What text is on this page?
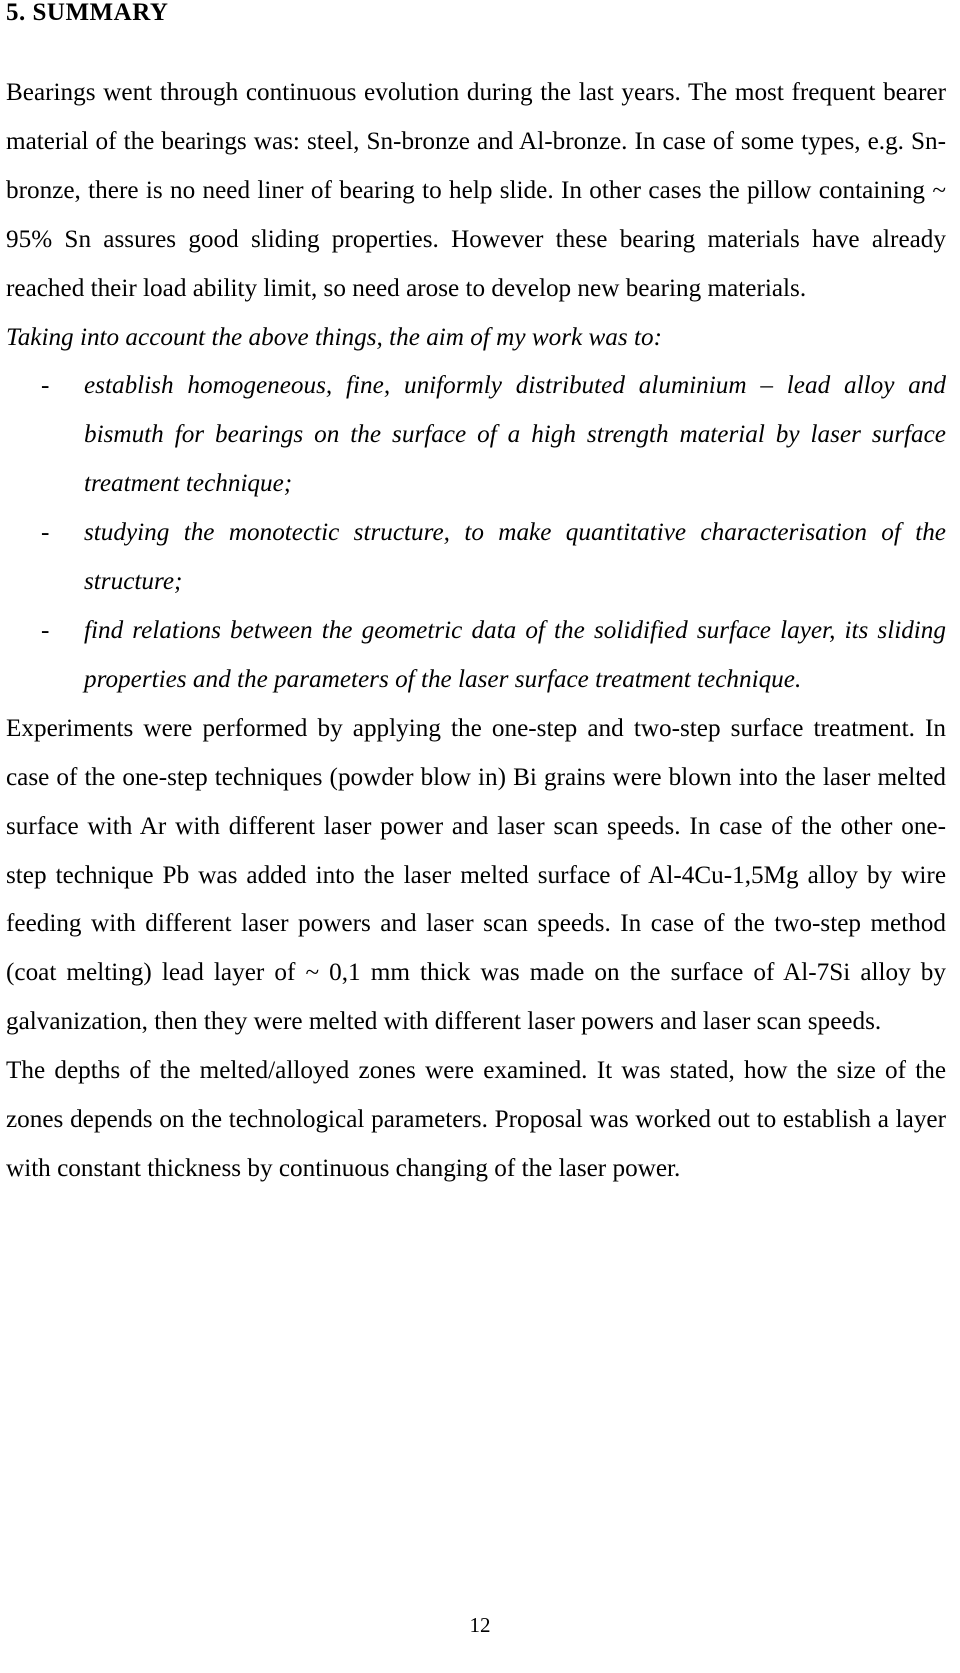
5. SUMMARY

Bearings went through continuous evolution during the last years. The most frequent bearer material of the bearings was: steel, Sn-bronze and Al-bronze. In case of some types, e.g. Sn-bronze, there is no need liner of bearing to help slide. In other cases the pillow containing ~ 95% Sn assures good sliding properties. However these bearing materials have already reached their load ability limit, so need arose to develop new bearing materials.

Taking into account the above things, the aim of my work was to:

- establish homogeneous, fine, uniformly distributed aluminium – lead alloy and bismuth for bearings on the surface of a high strength material by laser surface treatment technique;
- studying the monotectic structure, to make quantitative characterisation of the structure;
- find relations between the geometric data of the solidified surface layer, its sliding properties and the parameters of the laser surface treatment technique.

Experiments were performed by applying the one-step and two-step surface treatment. In case of the one-step techniques (powder blow in) Bi grains were blown into the laser melted surface with Ar with different laser power and laser scan speeds. In case of the other one-step technique Pb was added into the laser melted surface of Al-4Cu-1,5Mg alloy by wire feeding with different laser powers and laser scan speeds. In case of the two-step method (coat melting) lead layer of ~ 0,1 mm thick was made on the surface of Al-7Si alloy by galvanization, then they were melted with different laser powers and laser scan speeds.

The depths of the melted/alloyed zones were examined. It was stated, how the size of the zones depends on the technological parameters. Proposal was worked out to establish a layer with constant thickness by continuous changing of the laser power.

12
